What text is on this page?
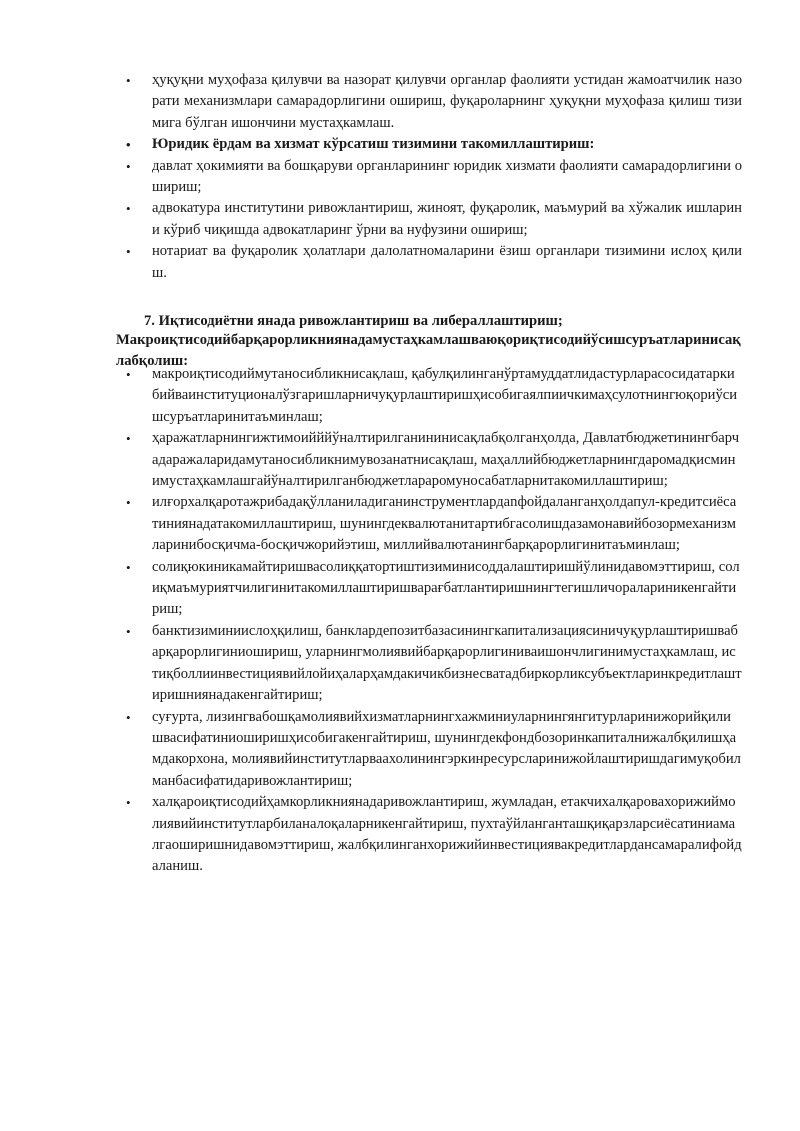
• ҳуқуқни муҳофаза қилувчи ва назорат қилувчи органлар фаолияти устидан жамоатчилик назорати механизмлари самарадорлигини ошириш, фуқароларнинг ҳуқуқни муҳофаза қилиш тизимига бўлган ишончини мустаҳкамлаш.
• Юридик ёрдам ва хизмат кўрсатиш тизимини такомиллаштириш:
• давлат ҳокимияти ва бошқаруви органларининг юридик хизмати фаолияти самарадорлигини ошириш;
• адвокатура институтини ривожлантириш, жиноят, фуқаролик, маъмурий ва хўжалик ишларини кўриб чиқишда адвокатларинг ўрни ва нуфузини ошириш;
• нотариат ва фуқаролик ҳолатлари далолатномаларини ёзиш органлари тизимини ислоҳ қилиш.
7. Иқтисодиётни янада ривожлантириш ва либераллаштириш;
Макроиқтисодийбарқарорликниянадамустаҳкамлашваюқориқтисодийўсишсуръатларинисақлабқолиш:
• макроиқтисодиймутаносибликнисақлаш, қабулқилинганўртамуддатлидастурларасосидатаркибийваинституционалўзгаришларничуқурлаштиришҳисобигаялпиичкимаҳсулотнингюқориўсишсуръатларинитаъминлаш;
• ҳаражатларнингижтимоийййўналтирилганининисақлабқолганҳолда, Давлатбюджетинингбарчадаражаларидамутаносибликнимувозанатнисақлаш, маҳаллийбюджетларнингдаромадқисминимустаҳкамлашгайўналтирилганбюджетлараромуносабатларнитакомиллаштириш;
• илғорхалқаротажрибадақўлланиладиганинструментлардanфойдаланганҳолдапул-кредитсиёсатиниянадатакомиллаштириш, шунингдеквалютанитартибгасолишдазамонавийбозормеханизмларинибосқичма-босқичжорийэтиш, миллийвалютанингбарқарорлигинитаъминлаш;
• солиқюкиникамайтиришвасолиққатортиштизиминисоддалаштиришйўлинидавомэттириш, солиқмаъмуриятчилигинитакомиллаштиришварағбатлантиришнингтегишличоралариникенгайтириш;
• банктизиминиислоҳқилиш, банклардепозитбазасинингкапитализациясиничуқурлаштиришвабарқарорлигиниошириш, уларнингмолиявийбарқарорлигиниваишончлигинимустаҳкамлаш, истиқболлиинвестициявийлойиҳаларҳамдакичикбизнесватадбиркорликсубъектларинкредитлаштиришниянадакенгайтириш;
• суғурта, лизингвабошқамолиявийхизматларнингхажминиуларнингянгитурларинижорийқилишвасифатиниоширишҳисобигакенгайтириш, шунингдекфондбозоринкапиталнижалбқилишҳамдакорхона, молиявийинститутларваахолинингэркинресурсларинижойлаштиришдагимуқобилманбасифатидаривожлантириш;
• халқароиқтисодийҳамкорликниянадаривожлантириш, жумладан, етакчихалқаровахорижиймолиявийинститутларбиланалоқаларникенгайтириш, пухтаўйланганташқиқарзларсиёсатиниамалгаоширишнидавомэттириш, жалбқилинганхорижийинвестициявакредитлардансамаралифойдаланиш.
